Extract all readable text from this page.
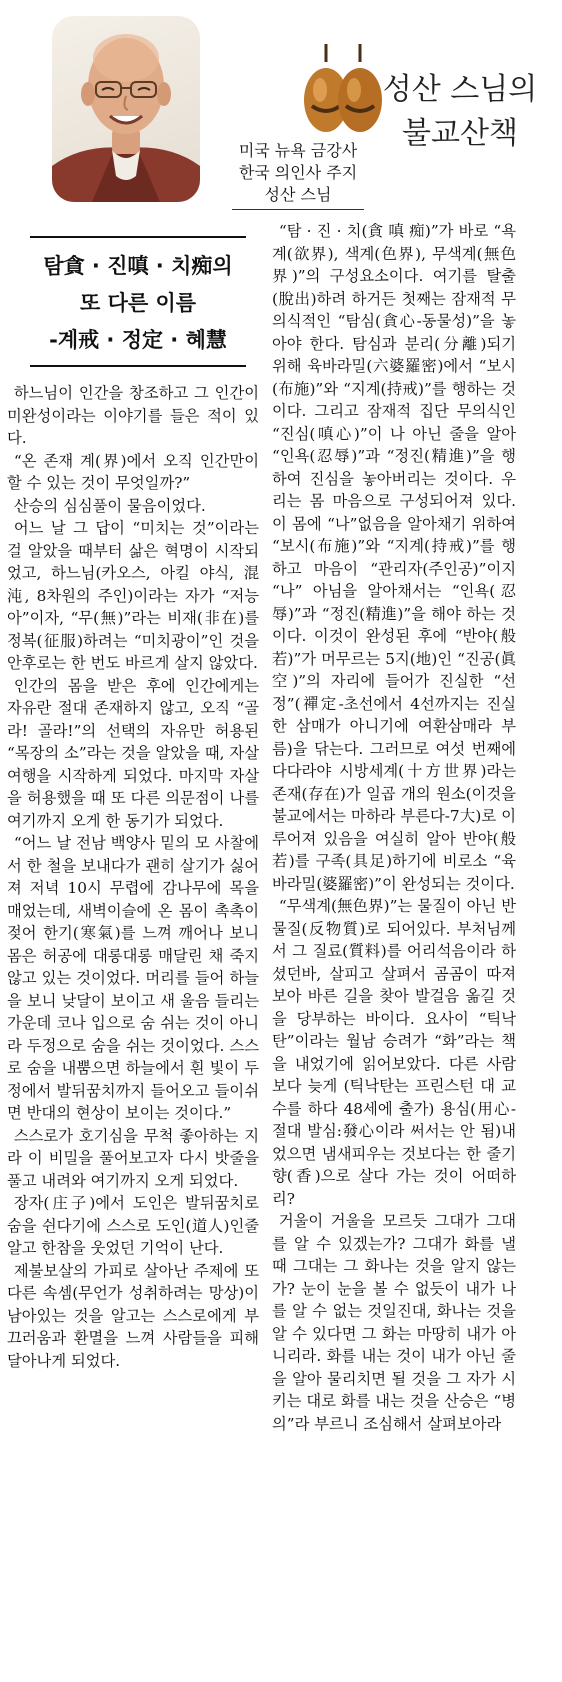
성산 스님의
불교산책
미국 뉴욕 금강사
한국 의인사 주지
성산 스님
탐貪 · 진嗔 · 치痴의
또 다른 이름
-계戒 · 정定 · 혜慧

하느님이 인간을 창조하고 그 인간이 미완성이라는 이야기를 들은 적이 있다.

“온 존재 계(界)에서 오직 인간만이 할 수 있는 것이 무엇일까?”

산승의 심심풀이 물음이었다.

어느 날 그 답이 “미치는 것”이라는 걸 알았을 때부터 삶은 혁명이 시작되었고, 하느님(카오스, 아킬 야식, 混沌, 8차원의 주인)이라는 자가 “저능아”이자, “무(無)”라는 비재(非在)를 정복(征服)하려는 “미치광이”인 것을 안후로는 한 번도 바르게 살지 않았다.

인간의 몸을 받은 후에 인간에게는 자유란 절대 존재하지 않고, 오직 “골라! 골라!”의 선택의 자유만 허용된 “목장의 소”라는 것을 알았을 때, 자살 여행을 시작하게 되었다. 마지막 자살을 허용했을 때 또 다른 의문점이 나를 여기까지 오게 한 동기가 되었다.

“어느 날 전남 백양사 밑의 모 사찰에서 한 철을 보내다가 괜히 살기가 싫어져 저녁 10시 무렵에 감나무에 목을 매었는데, 새벽이슬에 온 몸이 촉촉이 젖어 한기(寒氣)를 느껴 깨어나 보니 몸은 허공에 대롱대롱 매달린 채 죽지 않고 있는 것이었다. 머리를 들어 하늘을 보니 낮달이 보이고 새 울음 들리는 가운데 코나 입으로 숨 쉬는 것이 아니라 두정으로 숨을 쉬는 것이었다. 스스로 숨을 내뿜으면 하늘에서 흰 빛이 두정에서 발뒤꿈치까지 들어오고 들이쉬면 반대의 현상이 보이는 것이다.”

스스로가 호기심을 무척 좋아하는 지라 이 비밀을 풀어보고자 다시 밧줄을 풀고 내려와 여기까지 오게 되었다.

장자(庄子)에서 도인은 발뒤꿈치로 숨을 쉰다기에 스스로 도인(道人)인줄 알고 한참을 웃었던 기억이 난다.

제불보살의 가피로 살아난 주제에 또 다른 속셈(무언가 성취하려는 망상)이 남아있는 것을 알고는 스스로에게 부끄러움과 환멸을 느껴 사람들을 피해 달아나게 되었다.

“탐 · 진 · 치(貪 嗔 痴)”가 바로 “욕계(欲界), 색계(色界), 무색계(無色界)”의 구성요소이다. 여기를 탈출(脫出)하려 하거든 첫째는 잠재적 무의식적인 “탐심(貪心-동물성)”을 놓아야 한다. 탐심과 분리(分離)되기 위해 육바라밀(六婆羅密)에서 “보시(布施)”와 “지계(持戒)”를 행하는 것이다. 그리고 잠재적 집단 무의식인 “진심(嗔心)”이 나 아닌 줄을 알아 “인욕(忍辱)”과 “정진(精進)”을 행하여 진심을 놓아버리는 것이다. 우리는 몸 마음으로 구성되어져 있다. 이 몸에 “나”없음을 알아채기 위하여 “보시(布施)”와 “지계(持戒)”를 행하고 마음이 “관리자(주인공)”이지 “나” 아님을 알아채서는 “인욕(忍辱)”과 “정진(精進)”을 해야 하는 것이다. 이것이 완성된 후에 “반야(般若)”가 머무르는 5지(地)인 “진공(眞空)”의 자리에 들어가 진실한 “선정”(禪定-초선에서 4선까지는 진실한 삼매가 아니기에 여환삼매라 부름)을 닦는다. 그러므로 여섯 번째에 다다라야 시방세계(十方世界)라는 존재(存在)가 일곱 개의 원소(이것을 불교에서는 마하라 부른다-7大)로 이루어져 있음을 여실히 알아 반야(般若)를 구족(具足)하기에 비로소 “육바라밀(婆羅密)”이 완성되는 것이다.

“무색계(無色界)”는 물질이 아닌 반물질(反物質)로 되어있다. 부처님께서 그 질료(質料)를 어리석음이라 하셨던바, 살피고 살펴서 곰곰이 따져보아 바른 길을 찾아 발걸음 옮길 것을 당부하는 바이다. 요사이 “틱낙탄”이라는 월남 승려가 “화”라는 책을 내었기에 읽어보았다. 다른 사람보다 늦게 (틱낙탄는 프린스턴 대 교수를 하다 48세에 출가) 용심(用心-절대 발심:發心이라 써서는 안 됨)내었으면 냄새피우는 것보다는 한 줄기 향(香)으로 살다 가는 것이 어떠하리?

거울이 거울을 모르듯 그대가 그대를 알 수 있겠는가? 그대가 화를 낼 때 그대는 그 화나는 것을 알지 않는가? 눈이 눈을 볼 수 없듯이 내가 나를 알 수 없는 것일진대, 화나는 것을 알 수 있다면 그 화는 마땅히 내가 아니리라. 화를 내는 것이 내가 아닌 줄을 알아 물리치면 될 것을 그 자가 시키는 대로 화를 내는 것을 산승은 “병의”라 부르니 조심해서 살펴보아라
